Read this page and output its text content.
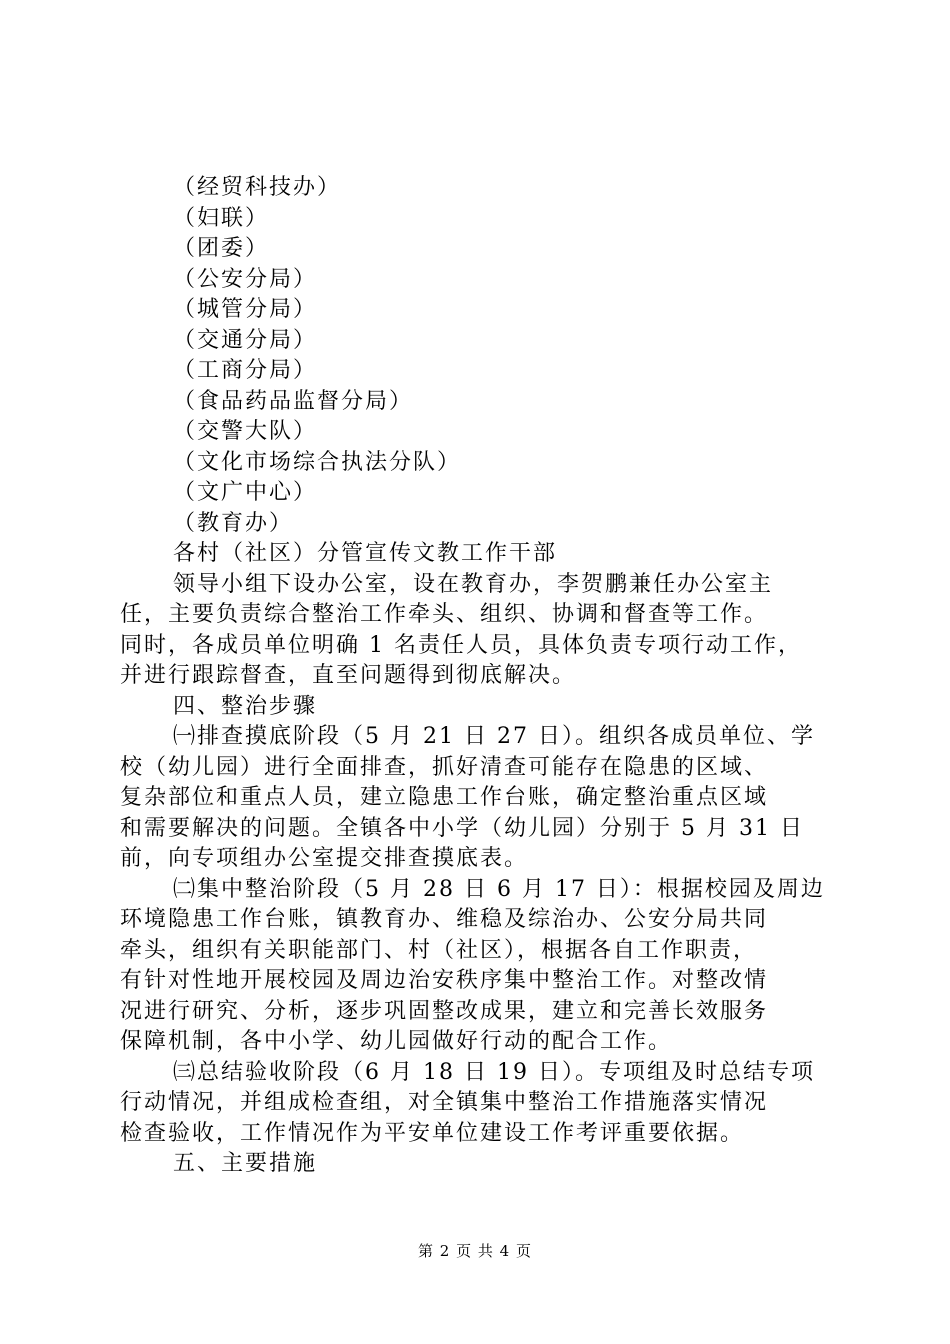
（经贸科技办）
（妇联）
（团委）
（公安分局）
（城管分局）
（交通分局）
（工商分局）
（食品药品监督分局）
（交警大队）
（文化市场综合执法分队）
（文广中心）
（教育办）
各村（社区）分管宣传文教工作干部
领导小组下设办公室，设在教育办，李贺鹏兼任办公室主
任，主要负责综合整治工作牵头、组织、协调和督查等工作。
同时，各成员单位明确 1 名责任人员，具体负责专项行动工作，
并进行跟踪督查，直至问题得到彻底解决。
四、整治步骤
㈠排查摸底阶段（5 月 21 日 27 日）。组织各成员单位、学
校（幼儿园）进行全面排查，抓好清查可能存在隐患的区域、
复杂部位和重点人员，建立隐患工作台账，确定整治重点区域
和需要解决的问题。全镇各中小学（幼儿园）分别于 5 月 31 日
前，向专项组办公室提交排查摸底表。
㈡集中整治阶段（5 月 28 日 6 月 17 日）：根据校园及周边
环境隐患工作台账，镇教育办、维稳及综治办、公安分局共同
牵头，组织有关职能部门、村（社区），根据各自工作职责，
有针对性地开展校园及周边治安秩序集中整治工作。对整改情
况进行研究、分析，逐步巩固整改成果，建立和完善长效服务
保障机制，各中小学、幼儿园做好行动的配合工作。
㈢总结验收阶段（6 月 18 日 19 日）。专项组及时总结专项
行动情况，并组成检查组，对全镇集中整治工作措施落实情况
检查验收，工作情况作为平安单位建设工作考评重要依据。
五、主要措施
第 2 页 共 4 页
